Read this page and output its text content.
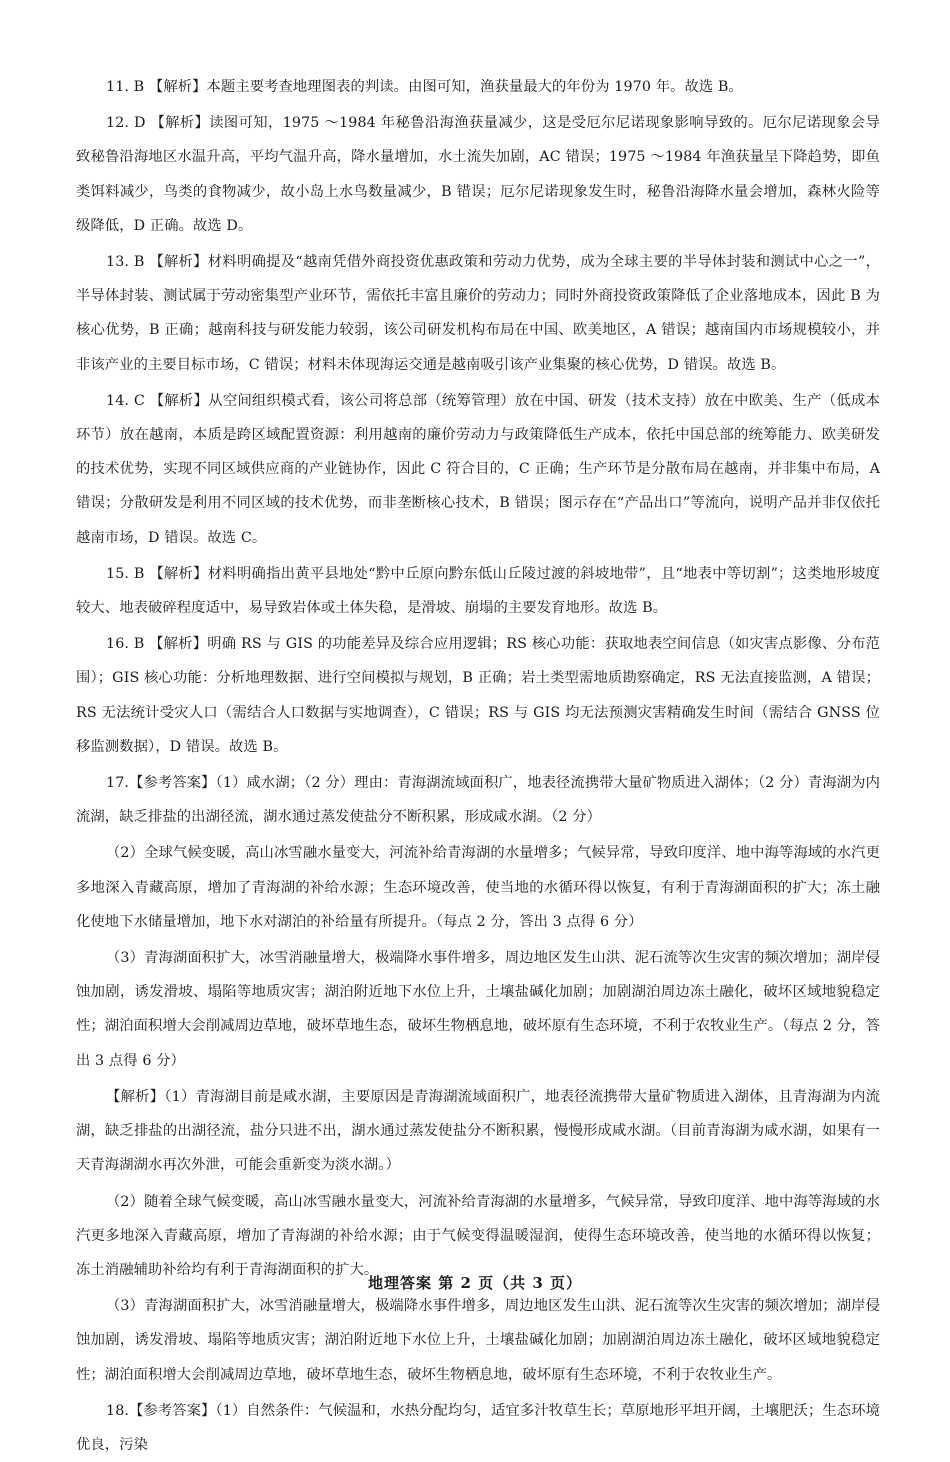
11. B 【解析】本题主要考查地理图表的判读。由图可知，渔获量最大的年份为 1970 年。故选 B。

12. D 【解析】读图可知，1975 ～1984 年秘鲁沿海渔获量减少，这是受厄尔尼诺现象影响导致的。厄尔尼诺现象会导致秘鲁沿海地区水温升高，平均气温升高，降水量增加，水土流失加剧，AC 错误；1975 ～1984 年渔获量呈下降趋势，即鱼类饵料减少，鸟类的食物减少，故小岛上水鸟数量减少，B 错误；厄尔尼诺现象发生时，秘鲁沿海降水量会增加，森林火险等级降低，D 正确。故选 D。

13. B 【解析】材料明确提及“越南凭借外商投资优惠政策和劳动力优势，成为全球主要的半导体封装和测试中心之一”，半导体封装、测试属于劳动密集型产业环节，需依托丰富且廉价的劳动力；同时外商投资政策降低了企业落地成本，因此 B 为核心优势，B 正确；越南科技与研发能力较弱，该公司研发机构布局在中国、欧美地区，A 错误；越南国内市场规模较小，并非该产业的主要目标市场，C 错误；材料未体现海运交通是越南吸引该产业集聚的核心优势，D 错误。故选 B。

14. C 【解析】从空间组织模式看，该公司将总部（统筹管理）放在中国、研发（技术支持）放在中欧美、生产（低成本环节）放在越南，本质是跨区域配置资源：利用越南的廉价劳动力与政策降低生产成本，依托中国总部的统筹能力、欧美研发的技术优势，实现不同区域供应商的产业链协作，因此 C 符合目的，C 正确；生产环节是分散布局在越南，并非集中布局，A 错误；分散研发是利用不同区域的技术优势，而非垄断核心技术，B 错误；图示存在“产品出口”等流向，说明产品并非仅依托越南市场，D 错误。故选 C。

15. B 【解析】材料明确指出黄平县地处“黔中丘原向黔东低山丘陵过渡的斜坡地带”，且“地表中等切割”；这类地形坡度较大、地表破碎程度适中，易导致岩体或土体失稳，是滑坡、崩塌的主要发育地形。故选 B。

16. B 【解析】明确 RS 与 GIS 的功能差异及综合应用逻辑；RS 核心功能：获取地表空间信息（如灾害点影像、分布范围）；GIS 核心功能：分析地理数据、进行空间模拟与规划，B 正确；岩土类型需地质勘察确定，RS 无法直接监测，A 错误；RS 无法统计受灾人口（需结合人口数据与实地调查），C 错误；RS 与 GIS 均无法预测灾害精确发生时间（需结合 GNSS 位移监测数据），D 错误。故选 B。

17.【参考答案】（1）咸水湖；（2 分）理由：青海湖流域面积广，地表径流携带大量矿物质进入湖体；（2 分）青海湖为内流湖，缺乏排盐的出湖径流，湖水通过蒸发使盐分不断积累，形成咸水湖。（2 分）

（2）全球气候变暖，高山冰雪融水量变大，河流补给青海湖的水量增多；气候异常，导致印度洋、地中海等海域的水汽更多地深入青藏高原，增加了青海湖的补给水源；生态环境改善，使当地的水循环得以恢复，有利于青海湖面积的扩大；冻土融化使地下水储量增加，地下水对湖泊的补给量有所提升。（每点 2 分，答出 3 点得 6 分）

（3）青海湖面积扩大，冰雪消融量增大，极端降水事件增多，周边地区发生山洪、泥石流等次生灾害的频次增加；湖岸侵蚀加剧，诱发滑坡、塌陷等地质灾害；湖泊附近地下水位上升，土壤盐碱化加剧；加剧湖泊周边冻土融化，破坏区域地貌稳定性；湖泊面积增大会削减周边草地，破坏草地生态，破坏生物栖息地，破坏原有生态环境，不利于农牧业生产。（每点 2 分，答出 3 点得 6 分）

【解析】（1）青海湖目前是咸水湖，主要原因是青海湖流域面积广，地表径流携带大量矿物质进入湖体，且青海湖为内流湖，缺乏排盐的出湖径流，盐分只进不出，湖水通过蒸发使盐分不断积累，慢慢形成咸水湖。（目前青海湖为咸水湖，如果有一天青海湖湖水再次外泄，可能会重新变为淡水湖。）

（2）随着全球气候变暖，高山冰雪融水量变大，河流补给青海湖的水量增多，气候异常，导致印度洋、地中海等海域的水汽更多地深入青藏高原，增加了青海湖的补给水源；由于气候变得温暖湿润，使得生态环境改善，使当地的水循环得以恢复；冻土消融辅助补给均有利于青海湖面积的扩大。

（3）青海湖面积扩大，冰雪消融量增大，极端降水事件增多，周边地区发生山洪、泥石流等次生灾害的频次增加；湖岸侵蚀加剧，诱发滑坡、塌陷等地质灾害；湖泊附近地下水位上升，土壤盐碱化加剧；加剧湖泊周边冻土融化，破坏区域地貌稳定性；湖泊面积增大会削减周边草地，破坏草地生态，破坏生物栖息地，破坏原有生态环境，不利于农牧业生产。

18.【参考答案】（1）自然条件：气候温和，水热分配均匀，适宜多汁牧草生长；草原地形平坦开阔，土壤肥沃；生态环境优良，污染

地理答案 第 2 页（共 3 页）
